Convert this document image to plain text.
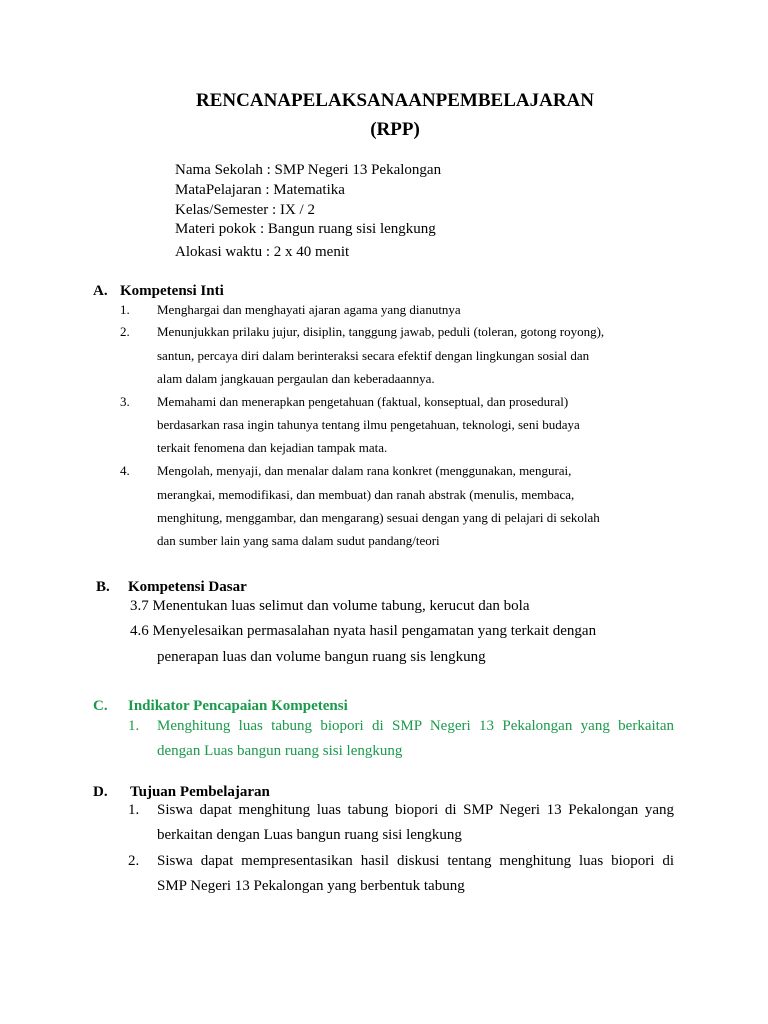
RENCANAPELAKSANAANPEMBELAJARAN
(RPP)
Nama Sekolah : SMP Negeri 13 Pekalongan
MataPelajaran : Matematika
Kelas/Semester : IX / 2
Materi pokok : Bangun ruang sisi lengkung
Alokasi waktu : 2 x 40 menit
A. Kompetensi Inti
1. Menghargai dan menghayati ajaran agama yang dianutnya
2. Menunjukkan prilaku jujur, disiplin, tanggung jawab, peduli (toleran, gotong royong),
santun, percaya diri dalam berinteraksi secara efektif dengan lingkungan sosial dan
alam dalam jangkauan pergaulan dan keberadaannya.
3. Memahami dan menerapkan pengetahuan (faktual, konseptual, dan prosedural)
berdasarkan rasa ingin tahunya tentang ilmu pengetahuan, teknologi, seni budaya
terkait fenomena dan kejadian tampak mata.
4. Mengolah, menyaji, dan menalar dalam rana konkret (menggunakan, mengurai,
merangkai, memodifikasi, dan membuat) dan ranah abstrak (menulis, membaca,
menghitung, menggambar, dan mengarang) sesuai dengan yang di pelajari di sekolah
dan sumber lain yang sama dalam sudut pandang/teori
B. Kompetensi Dasar
3.7 Menentukan luas selimut dan volume tabung, kerucut dan bola
4.6 Menyelesaikan permasalahan nyata hasil pengamatan yang terkait dengan
penerapan luas dan volume bangun ruang sis lengkung
C. Indikator Pencapaian Kompetensi
1. Menghitung luas tabung biopori di SMP Negeri 13 Pekalongan yang berkaitan
dengan Luas bangun ruang sisi lengkung
D. Tujuan Pembelajaran
1. Siswa dapat menghitung luas tabung biopori di SMP Negeri 13 Pekalongan yang
berkaitan dengan Luas bangun ruang sisi lengkung
2. Siswa dapat mempresentasikan hasil diskusi tentang menghitung luas biopori di
SMP Negeri 13 Pekalongan yang berbentuk tabung
